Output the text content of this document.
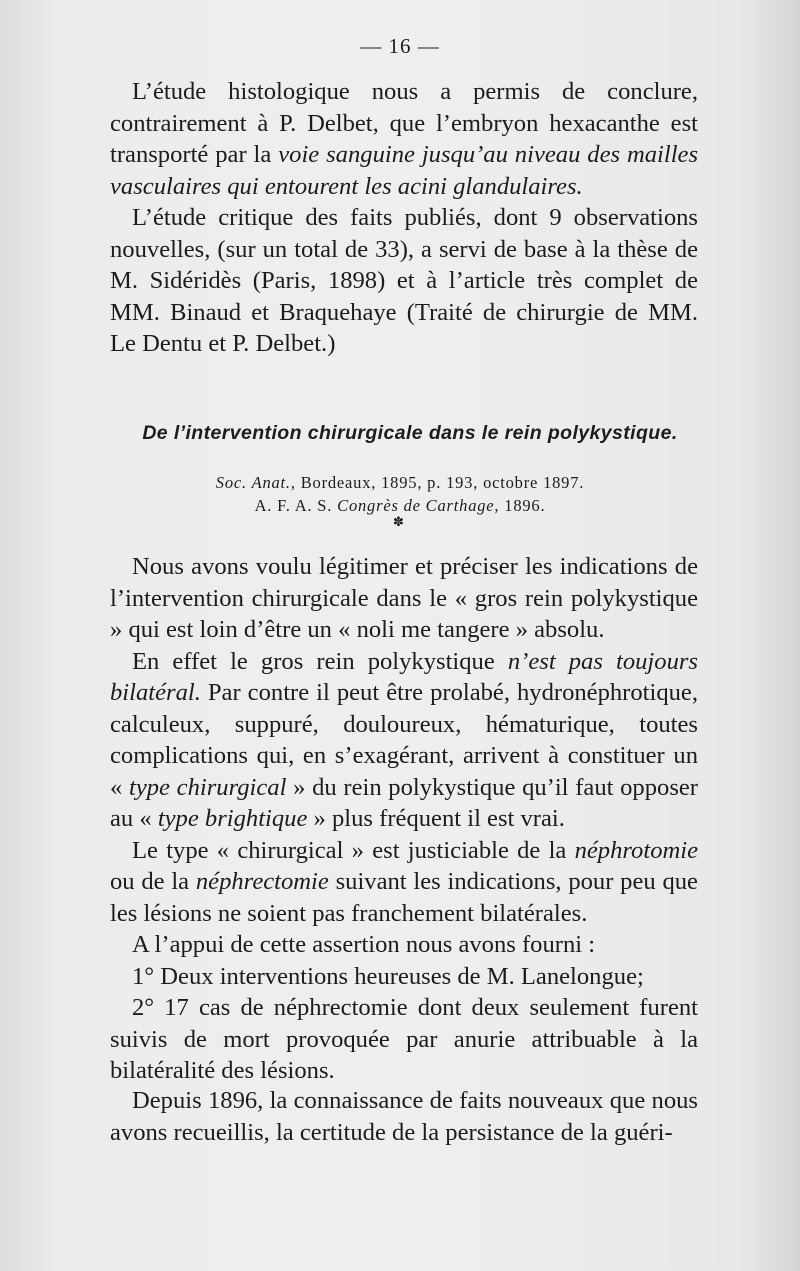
— 16 —

L’étude histologique nous a permis de conclure, contrairement à P. Delbet, que l’embryon hexacanthe est transporté par la voie sanguine jusqu’au niveau des mailles vasculaires qui entourent les acini glandulaires.

L’étude critique des faits publiés, dont 9 observations nouvelles, (sur un total de 33), a servi de base à la thèse de M. Sidéridès (Paris, 1898) et à l’article très complet de MM. Binaud et Braquehaye (Traité de chirurgie de MM. Le Dentu et P. Delbet.)

De l’intervention chirurgicale dans le rein polykystique.
Soc. Anat., Bordeaux, 1895, p. 193, octobre 1897.
A. F. A. S. Congrès de Carthage, 1896.
✽

Nous avons voulu légitimer et préciser les indications de l’intervention chirurgicale dans le « gros rein polykystique » qui est loin d’être un « noli me tangere » absolu.

En effet le gros rein polykystique n’est pas toujours bilatéral. Par contre il peut être prolabé, hydronéphrotique, calculeux, suppuré, douloureux, hématurique, toutes complications qui, en s’exagérant, arrivent à constituer un « type chirurgical » du rein polykystique qu’il faut opposer au « type brightique » plus fréquent il est vrai.

Le type « chirurgical » est justiciable de la néphrotomie ou de la néphrectomie suivant les indications, pour peu que les lésions ne soient pas franchement bilatérales.

A l’appui de cette assertion nous avons fourni :

1° Deux interventions heureuses de M. Lanelongue;

2° 17 cas de néphrectomie dont deux seulement furent suivis de mort provoquée par anurie attribuable à la bilatéralité des lésions.

Depuis 1896, la connaissance de faits nouveaux que nous avons recueillis, la certitude de la persistance de la guéri-
